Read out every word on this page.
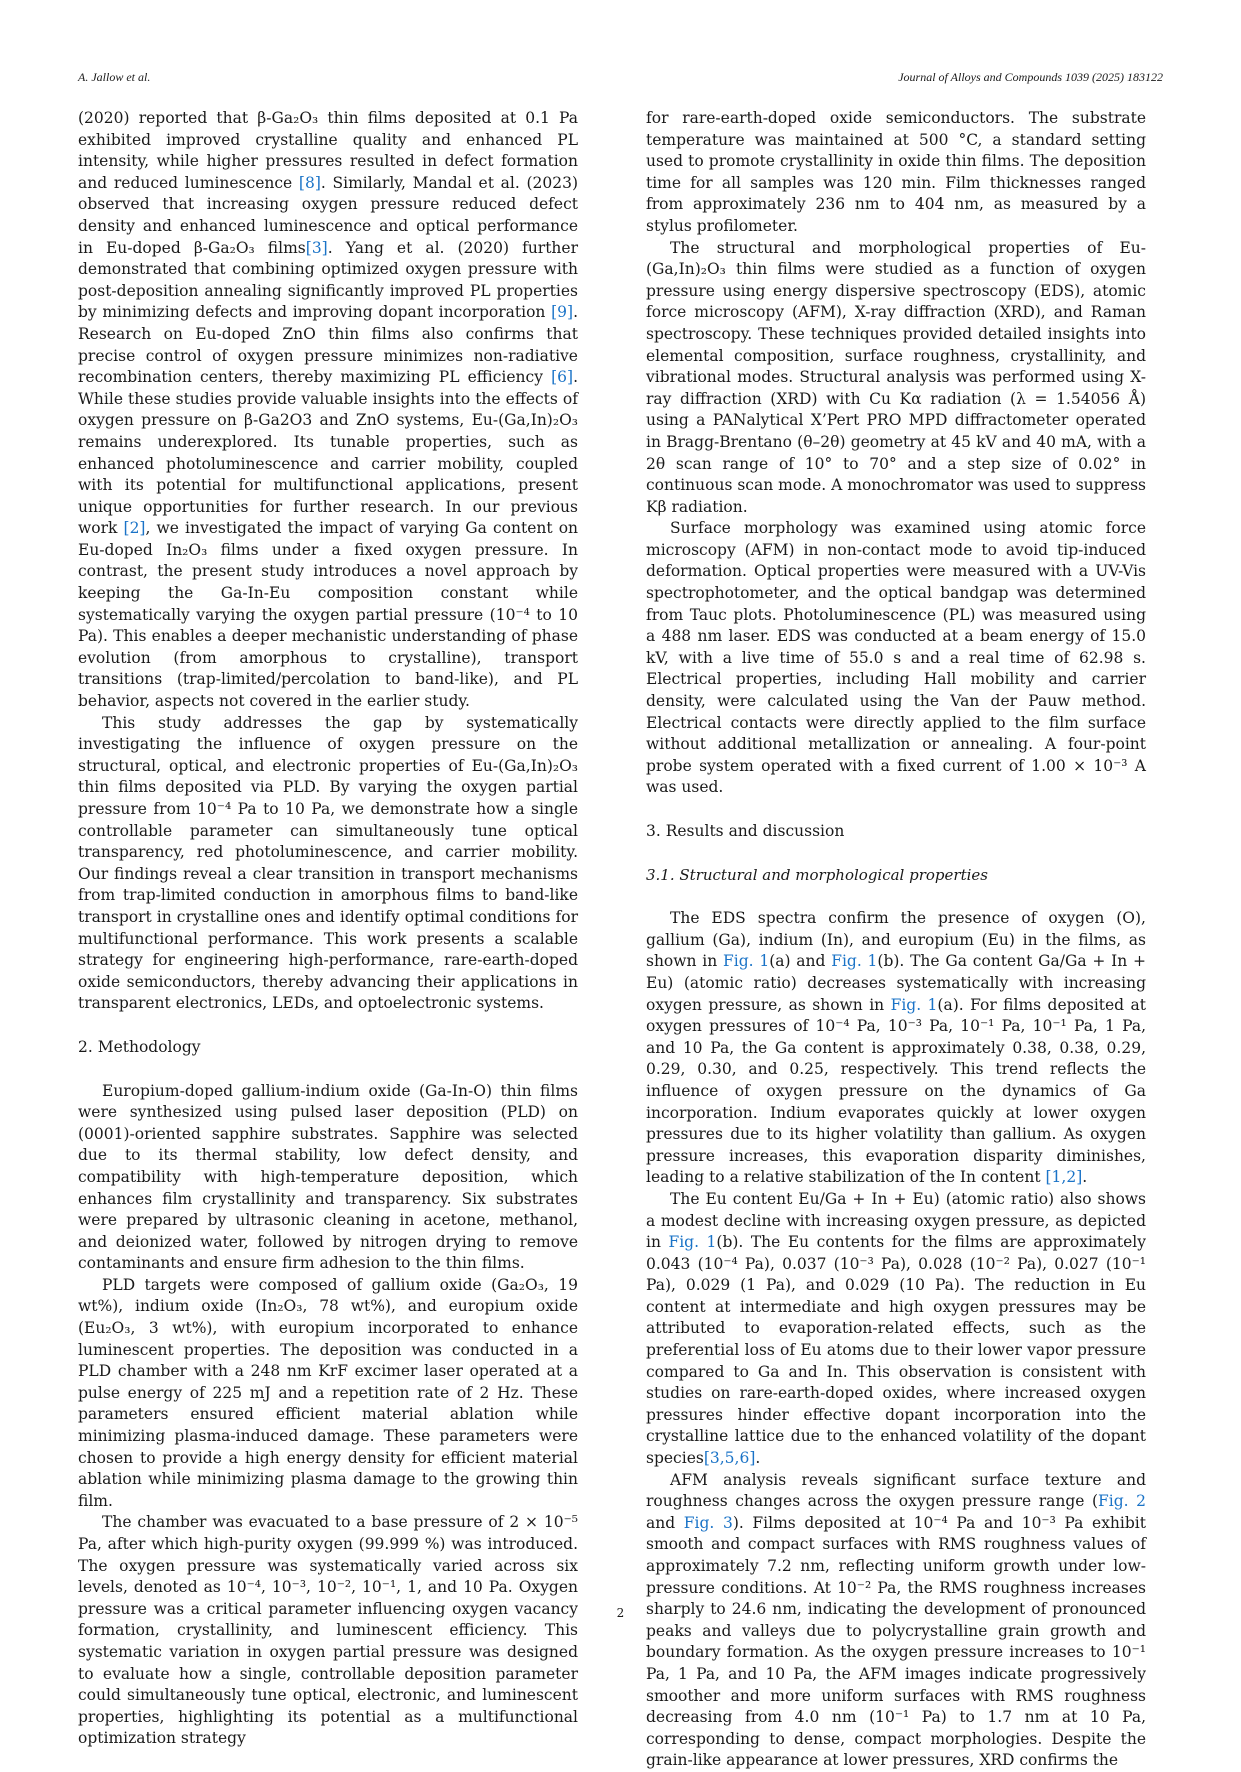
A. Jallow et al.	Journal of Alloys and Compounds 1039 (2025) 183122

(2020) reported that β-Ga₂O₃ thin films deposited at 0.1 Pa exhibited improved crystalline quality and enhanced PL intensity, while higher pressures resulted in defect formation and reduced luminescence [8]. Similarly, Mandal et al. (2023) observed that increasing oxygen pressure reduced defect density and enhanced luminescence and optical performance in Eu-doped β-Ga₂O₃ films[3]. Yang et al. (2020) further demonstrated that combining optimized oxygen pressure with post-deposition annealing significantly improved PL properties by minimizing defects and improving dopant incorporation [9]. Research on Eu-doped ZnO thin films also confirms that precise control of oxygen pressure minimizes non-radiative recombination centers, thereby maximizing PL efficiency [6]. While these studies provide valuable insights into the effects of oxygen pressure on β-Ga2O3 and ZnO systems, Eu-(Ga,In)₂O₃ remains underexplored. Its tunable properties, such as enhanced photoluminescence and carrier mobility, coupled with its potential for multifunctional applications, present unique opportunities for further research. In our previous work [2], we investigated the impact of varying Ga content on Eu-doped In₂O₃ films under a fixed oxygen pressure. In contrast, the present study introduces a novel approach by keeping the Ga-In-Eu composition constant while systematically varying the oxygen partial pressure (10⁻⁴ to 10 Pa). This enables a deeper mechanistic understanding of phase evolution (from amorphous to crystalline), transport transitions (trap-limited/percolation to band-like), and PL behavior, aspects not covered in the earlier study.

This study addresses the gap by systematically investigating the influence of oxygen pressure on the structural, optical, and electronic properties of Eu-(Ga,In)₂O₃ thin films deposited via PLD. By varying the oxygen partial pressure from 10⁻⁴ Pa to 10 Pa, we demonstrate how a single controllable parameter can simultaneously tune optical transparency, red photoluminescence, and carrier mobility. Our findings reveal a clear transition in transport mechanisms from trap-limited conduction in amorphous films to band-like transport in crystalline ones and identify optimal conditions for multifunctional performance. This work presents a scalable strategy for engineering high-performance, rare-earth-doped oxide semiconductors, thereby advancing their applications in transparent electronics, LEDs, and optoelectronic systems.

2. Methodology

Europium-doped gallium-indium oxide (Ga-In-O) thin films were synthesized using pulsed laser deposition (PLD) on (0001)-oriented sapphire substrates. Sapphire was selected due to its thermal stability, low defect density, and compatibility with high-temperature deposition, which enhances film crystallinity and transparency. Six substrates were prepared by ultrasonic cleaning in acetone, methanol, and deionized water, followed by nitrogen drying to remove contaminants and ensure firm adhesion to the thin films.

PLD targets were composed of gallium oxide (Ga₂O₃, 19 wt%), indium oxide (In₂O₃, 78 wt%), and europium oxide (Eu₂O₃, 3 wt%), with europium incorporated to enhance luminescent properties. The deposition was conducted in a PLD chamber with a 248 nm KrF excimer laser operated at a pulse energy of 225 mJ and a repetition rate of 2 Hz. These parameters ensured efficient material ablation while minimizing plasma-induced damage. These parameters were chosen to provide a high energy density for efficient material ablation while minimizing plasma damage to the growing thin film.

The chamber was evacuated to a base pressure of 2 × 10⁻⁵ Pa, after which high-purity oxygen (99.999 %) was introduced. The oxygen pressure was systematically varied across six levels, denoted as 10⁻⁴, 10⁻³, 10⁻², 10⁻¹, 1, and 10 Pa. Oxygen pressure was a critical parameter influencing oxygen vacancy formation, crystallinity, and luminescent efficiency. This systematic variation in oxygen partial pressure was designed to evaluate how a single, controllable deposition parameter could simultaneously tune optical, electronic, and luminescent properties, highlighting its potential as a multifunctional optimization strategy

for rare-earth-doped oxide semiconductors. The substrate temperature was maintained at 500 °C, a standard setting used to promote crystallinity in oxide thin films. The deposition time for all samples was 120 min. Film thicknesses ranged from approximately 236 nm to 404 nm, as measured by a stylus profilometer.

The structural and morphological properties of Eu-(Ga,In)₂O₃ thin films were studied as a function of oxygen pressure using energy dispersive spectroscopy (EDS), atomic force microscopy (AFM), X-ray diffraction (XRD), and Raman spectroscopy. These techniques provided detailed insights into elemental composition, surface roughness, crystallinity, and vibrational modes. Structural analysis was performed using X-ray diffraction (XRD) with Cu Kα radiation (λ = 1.54056 Å) using a PANalytical X’Pert PRO MPD diffractometer operated in Bragg-Brentano (θ–2θ) geometry at 45 kV and 40 mA, with a 2θ scan range of 10° to 70° and a step size of 0.02° in continuous scan mode. A monochromator was used to suppress Kβ radiation.

Surface morphology was examined using atomic force microscopy (AFM) in non-contact mode to avoid tip-induced deformation. Optical properties were measured with a UV-Vis spectrophotometer, and the optical bandgap was determined from Tauc plots. Photoluminescence (PL) was measured using a 488 nm laser. EDS was conducted at a beam energy of 15.0 kV, with a live time of 55.0 s and a real time of 62.98 s. Electrical properties, including Hall mobility and carrier density, were calculated using the Van der Pauw method. Electrical contacts were directly applied to the film surface without additional metallization or annealing. A four-point probe system operated with a fixed current of 1.00 × 10⁻³ A was used.

3. Results and discussion
3.1. Structural and morphological properties

The EDS spectra confirm the presence of oxygen (O), gallium (Ga), indium (In), and europium (Eu) in the films, as shown in Fig. 1(a) and Fig. 1(b). The Ga content Ga/Ga + In + Eu) (atomic ratio) decreases systematically with increasing oxygen pressure, as shown in Fig. 1(a). For films deposited at oxygen pressures of 10⁻⁴ Pa, 10⁻³ Pa, 10⁻¹ Pa, 10⁻¹ Pa, 1 Pa, and 10 Pa, the Ga content is approximately 0.38, 0.38, 0.29, 0.29, 0.30, and 0.25, respectively. This trend reflects the influence of oxygen pressure on the dynamics of Ga incorporation. Indium evaporates quickly at lower oxygen pressures due to its higher volatility than gallium. As oxygen pressure increases, this evaporation disparity diminishes, leading to a relative stabilization of the In content [1,2].

The Eu content Eu/Ga + In + Eu) (atomic ratio) also shows a modest decline with increasing oxygen pressure, as depicted in Fig. 1(b). The Eu contents for the films are approximately 0.043 (10⁻⁴ Pa), 0.037 (10⁻³ Pa), 0.028 (10⁻² Pa), 0.027 (10⁻¹ Pa), 0.029 (1 Pa), and 0.029 (10 Pa). The reduction in Eu content at intermediate and high oxygen pressures may be attributed to evaporation-related effects, such as the preferential loss of Eu atoms due to their lower vapor pressure compared to Ga and In. This observation is consistent with studies on rare-earth-doped oxides, where increased oxygen pressures hinder effective dopant incorporation into the crystalline lattice due to the enhanced volatility of the dopant species[3,5,6].

AFM analysis reveals significant surface texture and roughness changes across the oxygen pressure range (Fig. 2 and Fig. 3). Films deposited at 10⁻⁴ Pa and 10⁻³ Pa exhibit smooth and compact surfaces with RMS roughness values of approximately 7.2 nm, reflecting uniform growth under low-pressure conditions. At 10⁻² Pa, the RMS roughness increases sharply to 24.6 nm, indicating the development of pronounced peaks and valleys due to polycrystalline grain growth and boundary formation. As the oxygen pressure increases to 10⁻¹ Pa, 1 Pa, and 10 Pa, the AFM images indicate progressively smoother and more uniform surfaces with RMS roughness decreasing from 4.0 nm (10⁻¹ Pa) to 1.7 nm at 10 Pa, corresponding to dense, compact morphologies. Despite the grain-like appearance at lower pressures, XRD confirms the

2
